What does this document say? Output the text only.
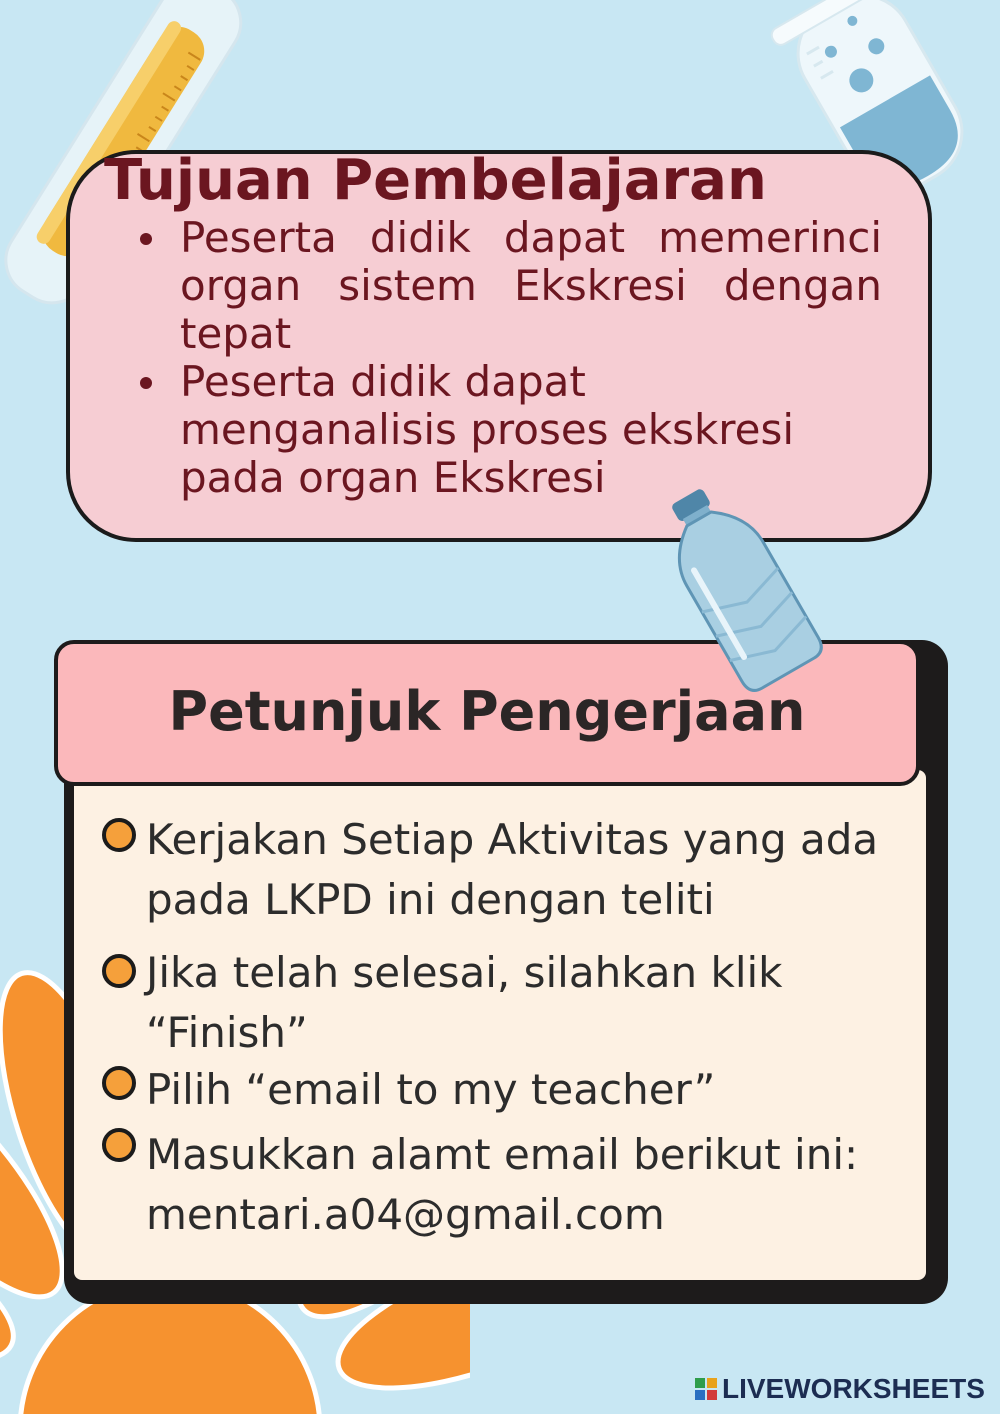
Tujuan Pembelajaran
Peserta didik dapat memerinci organ sistem Ekskresi dengan tepat
Peserta didik dapat menganalisis proses ekskresi pada organ Ekskresi
Petunjuk Pengerjaan
Kerjakan Setiap Aktivitas yang ada pada LKPD ini dengan teliti
Jika telah selesai, silahkan klik “Finish”
Pilih “email to my teacher”
Masukkan alamt email berikut ini: mentari.a04@gmail.com
LIVEWORKSHEETS
